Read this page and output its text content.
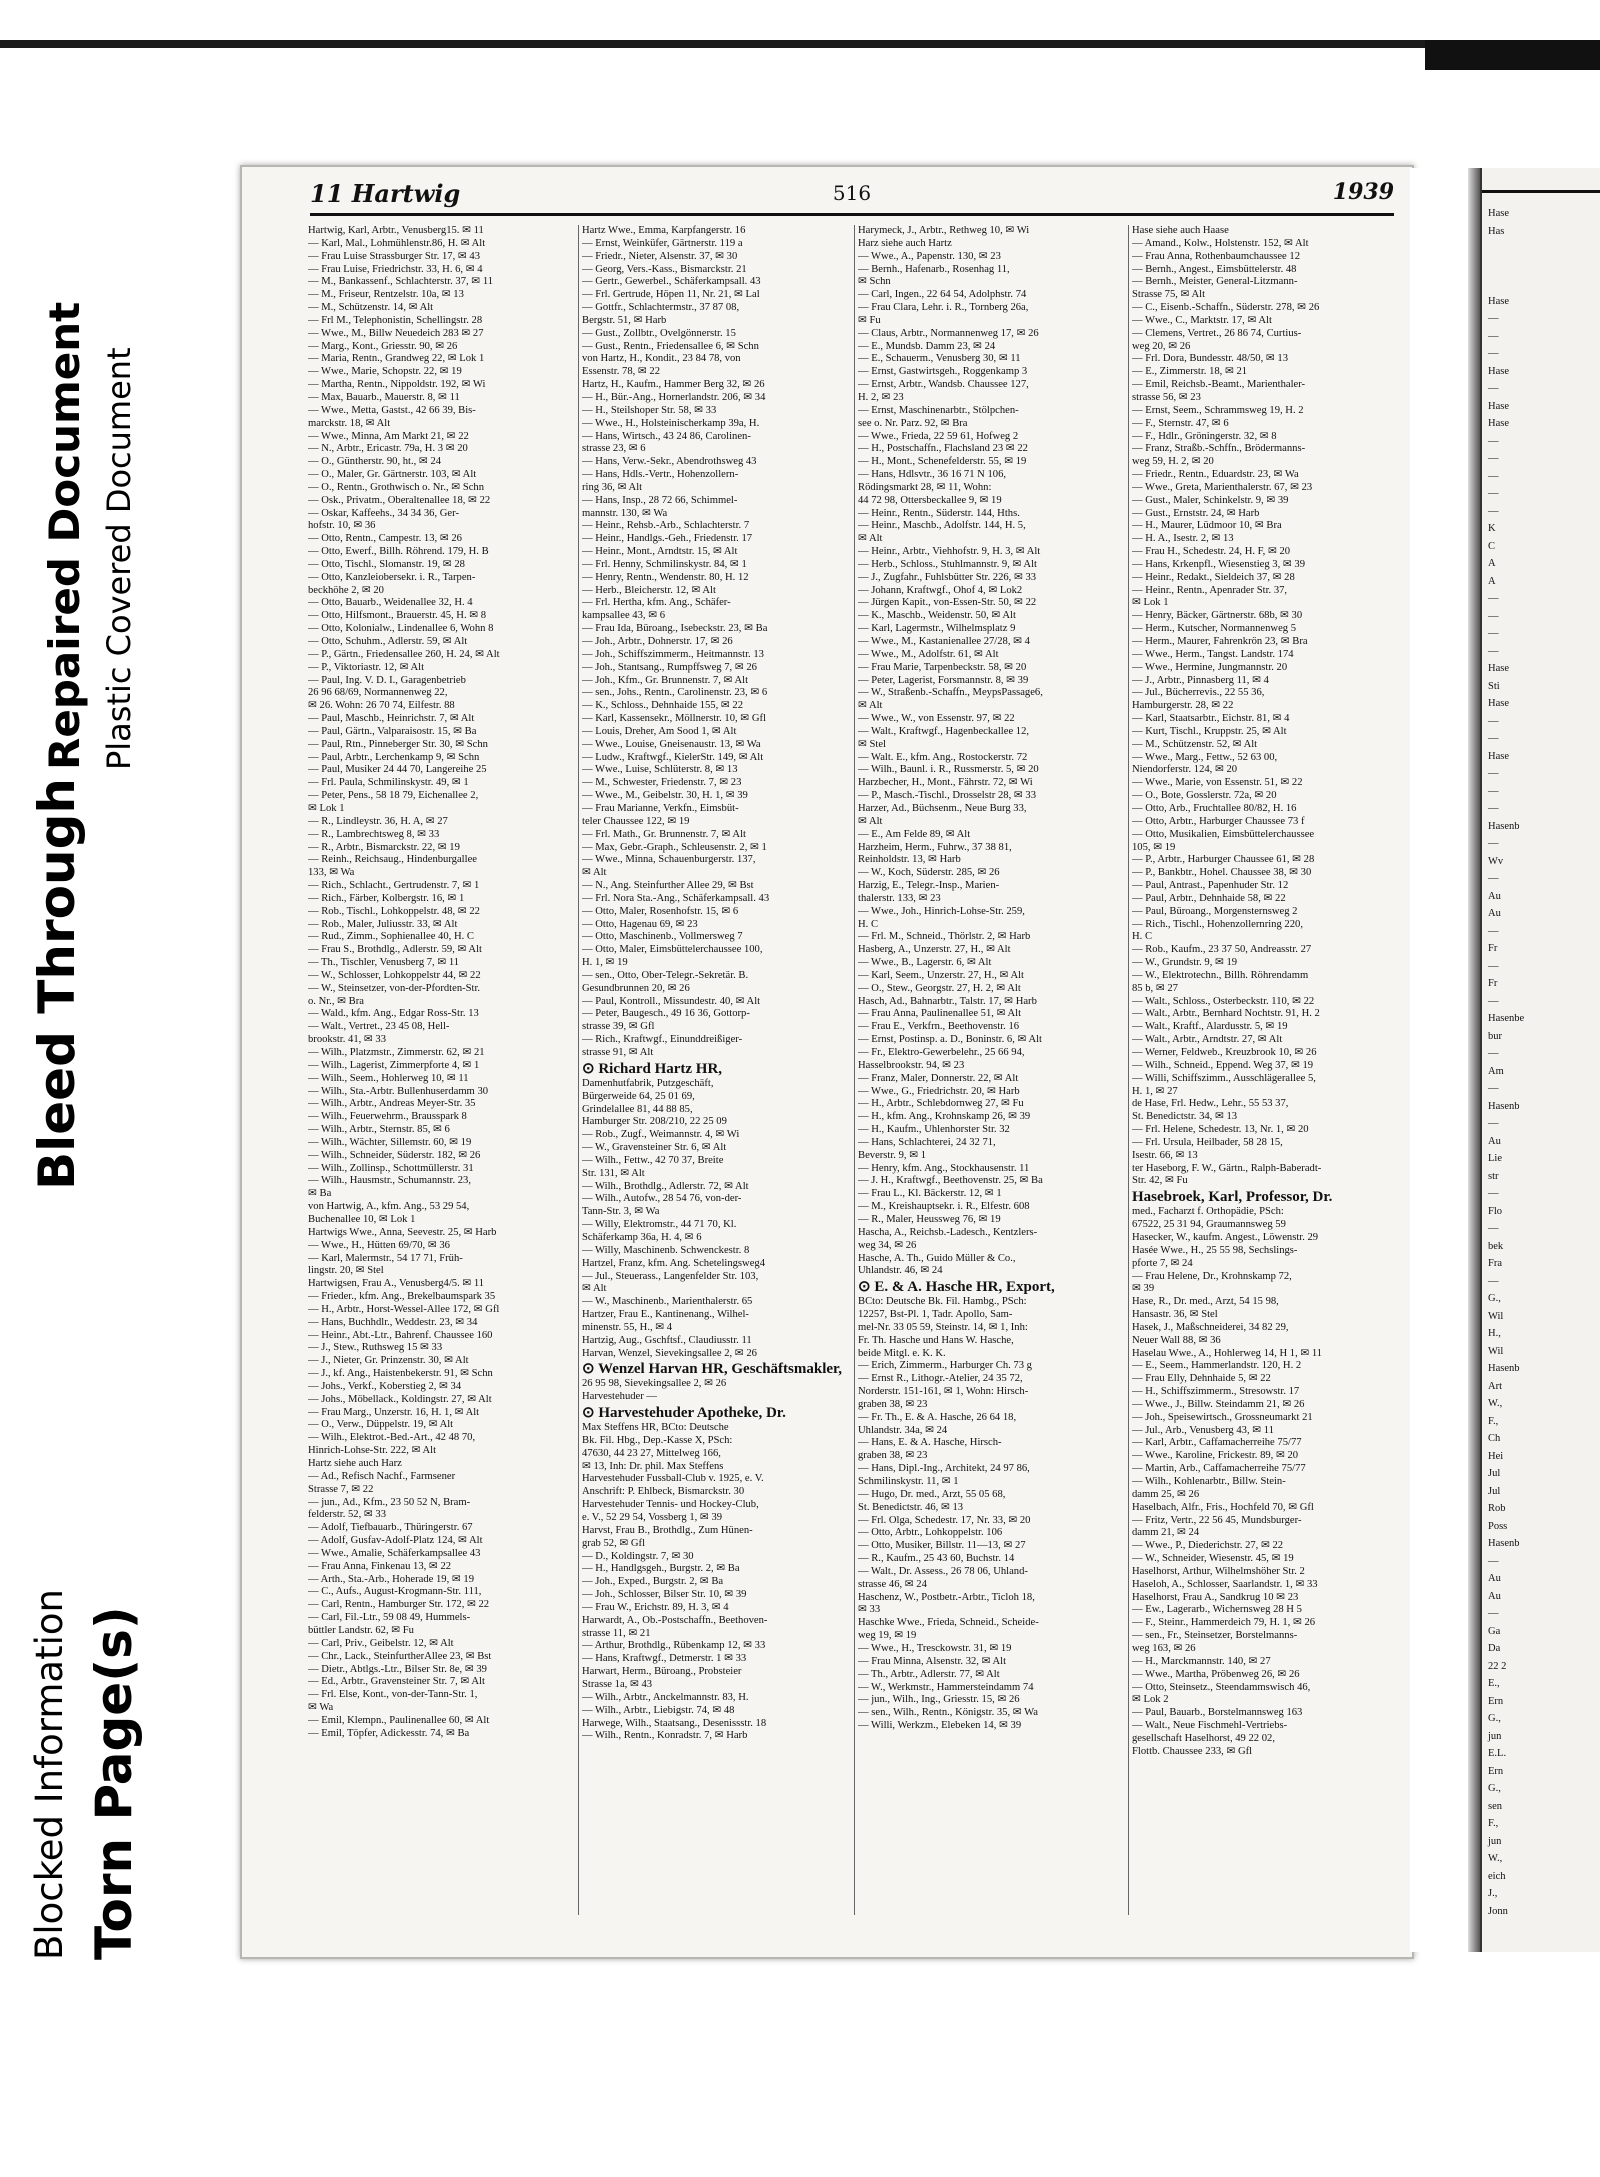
Blocked Information Torn Page(s)
Bleed Through
Repaired Document Plastic Covered Document
11 Hartwig	516	1939
Hartwig, Karl, Arbtr., Venusberg15. ✉ 11
— Karl, Mal., Lohmühlenstr.86, H. ✉ Alt
— Frau Luise Strassburger Str. 17, ✉ 43
— Frau Luise, Friedrichstr. 33, H. 6, ✉ 4
— M., Bankassenf., Schlachterstr. 37, ✉ 11
— M., Friseur, Rentzelstr. 10a, ✉ 13
— M., Schützenstr. 14, ✉ Alt
— Frl M., Telephonistin, Schellingstr. 28
— Wwe., M., Billw Neuedeich 283 ✉ 27
— Marg., Kont., Griesstr. 90, ✉ 26
— Maria, Rentn., Grandweg 22, ✉ Lok 1
— Wwe., Marie, Schopstr. 22, ✉ 19
— Martha, Rentn., Nippoldstr. 192, ✉ Wi
— Max, Bauarb., Mauerstr. 8, ✉ 11
— Wwe., Metta, Gastst., 42 66 39, Bis-
marckstr. 18, ✉ Alt
— Wwe., Minna, Am Markt 21, ✉ 22
— N., Arbtr., Ericastr. 79a, H. 3 ✉ 20
— O., Güntherstr. 90, ht., ✉ 24
— O., Maler, Gr. Gärtnerstr. 103, ✉ Alt
— O., Rentn., Grothwisch o. Nr., ✉ Schn
— Osk., Privatm., Oberaltenallee 18, ✉ 22
— Oskar, Kaffeehs., 34 34 36, Ger-
hofstr. 10, ✉ 36
— Otto, Rentn., Campestr. 13, ✉ 26
— Otto, Ewerf., Billh. Röhrend. 179, H. B
— Otto, Tischl., Slomanstr. 19, ✉ 28
— Otto, Kanzleiobersekr. i. R., Tarpen-
beckhöhe 2, ✉ 20
— Otto, Bauarb., Weidenallee 32, H. 4
— Otto, Hilfsmont., Brauerstr. 45, H. ✉ 8
— Otto, Kolonialw., Lindenallee 6, Wohn 8
— Otto, Schuhm., Adlerstr. 59, ✉ Alt
— P., Gärtn., Friedensallee 260, H. 24, ✉ Alt
— P., Viktoriastr. 12, ✉ Alt
— Paul, Ing. V. D. I., Garagenbetrieb
26 96 68/69, Normannenweg 22,
✉ 26. Wohn: 26 70 74, Eilfestr. 88
— Paul, Maschb., Heinrichstr. 7, ✉ Alt
— Paul, Gärtn., Valparaisostr. 15, ✉ Ba
— Paul, Rtn., Pinneberger Str. 30, ✉ Schn
— Paul, Arbtr., Lerchenkamp 9, ✉ Schn
— Paul, Musiker 24 44 70, Langereihe 25
— Frl. Paula, Schmilinskystr. 49, ✉ 1
— Peter, Pens., 58 18 79, Eichenallee 2,
✉ Lok 1
— R., Lindleystr. 36, H. A, ✉ 27
— R., Lambrechtsweg 8, ✉ 33
— R., Arbtr., Bismarckstr. 22, ✉ 19
— Reinh., Reichsaug., Hindenburgallee
133, ✉ Wa
— Rich., Schlacht., Gertrudenstr. 7, ✉ 1
— Rich., Färber, Kolbergstr. 16, ✉ 1
— Rob., Tischl., Lohkoppelstr. 48, ✉ 22
— Rob., Maler, Juliusstr. 33, ✉ Alt
— Rud., Zimm., Sophienallee 40, H. C
— Frau S., Brothdlg., Adlerstr. 59, ✉ Alt
— Th., Tischler, Venusberg 7, ✉ 11
— W., Schlosser, Lohkoppelstr 44, ✉ 22
— W., Steinsetzer, von-der-Pfordten-Str.
o. Nr., ✉ Bra
— Wald., kfm. Ang., Edgar Ross-Str. 13
— Walt., Vertret., 23 45 08, Hell-
brookstr. 41, ✉ 33
— Wilh., Platzmstr., Zimmerstr. 62, ✉ 21
— Wilh., Lagerist, Zimmerpforte 4, ✉ 1
— Wilh., Seem., Hohlerweg 10, ✉ 11
— Wilh., Sta.-Arbtr. Bullenhuserdamm 30
— Wilh., Arbtr., Andreas Meyer-Str. 35
— Wilh., Feuerwehrm., Brausspark 8
— Wilh., Arbtr., Sternstr. 85, ✉ 6
— Wilh., Wächter, Sillemstr. 60, ✉ 19
— Wilh., Schneider, Süderstr. 182, ✉ 26
— Wilh., Zollinsp., Schottmüllerstr. 31
— Wilh., Hausmstr., Schumannstr. 23,
✉ Ba
von Hartwig, A., kfm. Ang., 53 29 54,
Buchenallee 10, ✉ Lok 1
Hartwigs Wwe., Anna, Seevestr. 25, ✉ Harb
— Wwe., H., Hütten 69/70, ✉ 36
— Karl, Malermstr., 54 17 71, Früh-
lingstr. 20, ✉ Stel
Hartwigsen, Frau A., Venusberg4/5. ✉ 11
— Frieder., kfm. Ang., Brekelbaumspark 35
— H., Arbtr., Horst-Wessel-Allee 172, ✉ Gfl
— Hans, Buchhdlr., Weddestr. 23, ✉ 34
— Heinr., Abt.-Ltr., Bahrenf. Chaussee 160
— J., Stew., Ruthsweg 15 ✉ 33
— J., Nieter, Gr. Prinzenstr. 30, ✉ Alt
— J., kf. Ang., Haistenbekerstr. 91, ✉ Schn
— Johs., Verkf., Koberstieg 2, ✉ 34
— Johs., Möbellack., Koldingstr. 27, ✉ Alt
— Frau Marg., Unzerstr. 16, H. 1, ✉ Alt
— O., Verw., Düppelstr. 19, ✉ Alt
— Wilh., Elektrot.-Bed.-Art., 42 48 70,
Hinrich-Lohse-Str. 222, ✉ Alt
Hartz siehe auch Harz
— Ad., Refisch Nachf., Farmsener
Strasse 7, ✉ 22
— jun., Ad., Kfm., 23 50 52 N, Bram-
felderstr. 52, ✉ 33
— Adolf, Tiefbauarb., Thüringerstr. 67
— Adolf, Gusfav-Adolf-Platz 124, ✉ Alt
— Wwe., Amalie, Schäferkampsallee 43
— Frau Anna, Finkenau 13, ✉ 22
— Arth., Sta.-Arb., Hoherade 19, ✉ 19
— C., Aufs., August-Krogmann-Str. 111,
— Carl, Rentn., Hamburger Str. 172, ✉ 22
— Carl, Fil.-Ltr., 59 08 49, Hummels-
büttler Landstr. 62, ✉ Fu
— Carl, Priv., Geibelstr. 12, ✉ Alt
— Chr., Lack., SteinfurtherAllee 23, ✉ Bst
— Dietr., Abtlgs.-Ltr., Bilser Str. 8e, ✉ 39
— Ed., Arbtr., Gravensteiner Str. 7, ✉ Alt
— Frl. Else, Kont., von-der-Tann-Str. 1,
✉ Wa
— Emil, Klempn., Paulinenallee 60, ✉ Alt
— Emil, Töpfer, Adickesstr. 74, ✉ Ba
Hartz Wwe., Emma, Karpfangerstr. 16
— Ernst, Weinküfer, Gärtnerstr. 119 a
— Friedr., Nieter, Alsenstr. 37, ✉ 30
— Georg, Vers.-Kass., Bismarckstr. 21
— Gertr., Gewerbel., Schäferkampsall. 43
— Frl. Gertrude, Höpen 11, Nr. 21, ✉ Lal
— Gottfr., Schlachtermstr., 37 87 08,
Bergstr. 51, ✉ Harb
— Gust., Zollbtr., Ovelgönnerstr. 15
— Gust., Rentn., Friedensallee 6, ✉ Schn
von Hartz, H., Kondit., 23 84 78, von
Essenstr. 78, ✉ 22
Hartz, H., Kaufm., Hammer Berg 32, ✉ 26
— H., Bür.-Ang., Hornerlandstr. 206, ✉ 34
— H., Steilshoper Str. 58, ✉ 33
— Wwe., H., Holsteinischerkamp 39a, H.
— Hans, Wirtsch., 43 24 86, Carolinen-
strasse 23, ✉ 6
— Hans, Verw.-Sekr., Abendrothsweg 43
— Hans, Hdls.-Vertr., Hohenzollern-
ring 36, ✉ Alt
— Hans, Insp., 28 72 66, Schimmel-
mannstr. 130, ✉ Wa
— Heinr., Rehsb.-Arb., Schlachterstr. 7
— Heinr., Handlgs.-Geh., Friedenstr. 17
— Heinr., Mont., Arndtstr. 15, ✉ Alt
— Frl. Henny, Schmilinskystr. 84, ✉ 1
— Henry, Rentn., Wendenstr. 80, H. 12
— Herb., Bleicherstr. 12, ✉ Alt
— Frl. Hertha, kfm. Ang., Schäfer-
kampsallee 43, ✉ 6
— Frau Ida, Büroang., Isebeckstr. 23, ✉ Ba
— Joh., Arbtr., Dohnerstr. 17, ✉ 26
— Joh., Schiffszimmerm., Heitmannstr. 13
— Joh., Stantsang., Rumpffsweg 7, ✉ 26
— Joh., Kfm., Gr. Brunnenstr. 7, ✉ Alt
— sen., Johs., Rentn., Carolinenstr. 23, ✉ 6
— K., Schloss., Dehnhaide 155, ✉ 22
— Karl, Kassensekr., Möllnerstr. 10, ✉ Gfl
— Louis, Dreher, Am Sood 1, ✉ Alt
— Wwe., Louise, Gneisenaustr. 13, ✉ Wa
— Ludw., Kraftwgf., KielerStr. 149, ✉ Alt
— Wwe., Luise, Schlüterstr. 8, ✉ 13
— M., Schwester, Friedenstr. 7, ✉ 23
— Wwe., M., Geibelstr. 30, H. 1, ✉ 39
— Frau Marianne, Verkfn., Eimsbüt-
teler Chaussee 122, ✉ 19
— Frl. Math., Gr. Brunnenstr. 7, ✉ Alt
— Max, Gebr.-Graph., Schleusenstr. 2, ✉ 1
— Wwe., Minna, Schauenburgerstr. 137,
✉ Alt
— N., Ang. Steinfurther Allee 29, ✉ Bst
— Frl. Nora Sta.-Ang., Schäferkampsall. 43
— Otto, Maler, Rosenhofstr. 15, ✉ 6
— Otto, Hagenau 69, ✉ 23
— Otto, Maschinenb., Vollmersweg 7
— Otto, Maler, Eimsbüttelerchaussee 100,
H. 1, ✉ 19
— sen., Otto, Ober-Telegr.-Sekretär. B.
Gesundbrunnen 20, ✉ 26
— Paul, Kontroll., Missundestr. 40, ✉ Alt
— Peter, Baugesch., 49 16 36, Gottorp-
strasse 39, ✉ Gfl
— Rich., Kraftwgf., Einunddreißiger-
strasse 91, ✉ Alt
⊙ Richard Hartz HR,
Damenhutfabrik, Putzgeschäft,
Bürgerweide 64, 25 01 69,
Grindelallee 81, 44 88 85,
Hamburger Str. 208/210, 22 25 09
— Rob., Zugf., Weimannstr. 4, ✉ Wi
— W., Gravensteiner Str. 6, ✉ Alt
— Wilh., Fettw., 42 70 37, Breite
Str. 131, ✉ Alt
— Wilh., Brothdlg., Adlerstr. 72, ✉ Alt
— Wilh., Autofw., 28 54 76, von-der-
Tann-Str. 3, ✉ Wa
— Willy, Elektromstr., 44 71 70, Kl.
Schäferkamp 36a, H. 4, ✉ 6
— Willy, Maschinenb. Schwenckestr. 8
Hartzel, Franz, kfm. Ang. Schetelingsweg4
— Jul., Steuerass., Langenfelder Str. 103,
✉ Alt
— W., Maschinenb., Marienthalerstr. 65
Hartzer, Frau E., Kantinenang., Wilhel-
minenstr. 55, H., ✉ 4
Hartzig, Aug., Gschftsf., Claudiusstr. 11
Harvan, Wenzel, Sievekingsallee 2, ✉ 26
⊙ Wenzel Harvan HR, Geschäftsmakler,
26 95 98, Sievekingsallee 2, ✉ 26
Harvestehuder —
⊙ Harvestehuder Apotheke, Dr.
Max Steffens HR, BCto: Deutsche
Bk. Fil. Hbg., Dep.-Kasse X, PSch:
47630, 44 23 27, Mittelweg 166,
✉ 13, Inh: Dr. phil. Max Steffens
Harvestehuder Fussball-Club v. 1925, e. V.
Anschrift: P. Ehlbeck, Bismarckstr. 30
Harvestehuder Tennis- und Hockey-Club,
e. V., 52 29 54, Vossberg 1, ✉ 39
Harvst, Frau B., Brothdlg., Zum Hünen-
grab 52, ✉ Gfl
— D., Koldingstr. 7, ✉ 30
— H., Handlgsgeh., Burgstr. 2, ✉ Ba
— Joh., Exped., Burgstr. 2, ✉ Ba
— Joh., Schlosser, Bilser Str. 10, ✉ 39
— Frau W., Erichstr. 89, H. 3, ✉ 4
Harwardt, A., Ob.-Postschaffn., Beethoven-
strasse 11, ✉ 21
— Arthur, Brothdlg., Rübenkamp 12, ✉ 33
— Hans, Kraftwgf., Detmerstr. 1 ✉ 33
Harwart, Herm., Büroang., Probsteier
Strasse 1a, ✉ 43
— Wilh., Arbtr., Anckelmannstr. 83, H.
— Wilh., Arbtr., Liebigstr. 74, ✉ 48
Harwege, Wilh., Staatsang., Desenissstr. 18
— Wilh., Rentn., Konradstr. 7, ✉ Harb
Harymeck, J., Arbtr., Rethweg 10, ✉ Wi
Harz siehe auch Hartz
— Wwe., A., Papenstr. 130, ✉ 23
— Bernh., Hafenarb., Rosenhag 11,
✉ Schn
— Carl, Ingen., 22 64 54, Adolphstr. 74
— Frau Clara, Lehr. i. R., Tornberg 26a,
✉ Fu
— Claus, Arbtr., Normannenweg 17, ✉ 26
— E., Mundsb. Damm 23, ✉ 24
— E., Schauerm., Venusberg 30, ✉ 11
— Ernst, Gastwirtsgeh., Roggenkamp 3
— Ernst, Arbtr., Wandsb. Chaussee 127,
H. 2, ✉ 23
— Ernst, Maschinenarbtr., Stölpchen-
see o. Nr. Parz. 92, ✉ Bra
— Wwe., Frieda, 22 59 61, Hofweg 2
— H., Postschaffn., Flachsland 23 ✉ 22
— H., Mont., Schenefelderstr. 55, ✉ 19
— Hans, Hdlsvtr., 36 16 71 N 106,
Rödingsmarkt 28, ✉ 11, Wohn:
44 72 98, Ottersbeckallee 9, ✉ 19
— Heinr., Rentn., Süderstr. 144, Hths.
— Heinr., Maschb., Adolfstr. 144, H. 5,
✉ Alt
— Heinr., Arbtr., Viehhofstr. 9, H. 3, ✉ Alt
— Herb., Schloss., Stuhlmannstr. 9, ✉ Alt
— J., Zugfahr., Fuhlsbütter Str. 226, ✉ 33
— Johann, Kraftwgf., Ohof 4, ✉ Lok2
— Jürgen Kapit., von-Essen-Str. 50, ✉ 22
— K., Maschb., Weidenstr. 50, ✉ Alt
— Karl, Lagermstr., Wilhelmsplatz 9
— Wwe., M., Kastanienallee 27/28, ✉ 4
— Wwe., M., Adolfstr. 61, ✉ Alt
— Frau Marie, Tarpenbeckstr. 58, ✉ 20
— Peter, Lagerist, Forsmannstr. 8, ✉ 39
— W., Straßenb.-Schaffn., MeypsPassage6,
✉ Alt
— Wwe., W., von Essenstr. 97, ✉ 22
— Walt., Kraftwgf., Hagenbeckallee 12,
✉ Stel
— Walt. E., kfm. Ang., Rostockerstr. 72
— Wilh., Baunl. i. R., Russmerstr. 5, ✉ 20
Harzbecher, H., Mont., Fährstr. 72, ✉ Wi
— P., Masch.-Tischl., Drosselstr 28, ✉ 33
Harzer, Ad., Büchsenm., Neue Burg 33,
✉ Alt
— E., Am Felde 89, ✉ Alt
Harzheim, Herm., Fuhrw., 37 38 81,
Reinholdstr. 13, ✉ Harb
— W., Koch, Süderstr. 285, ✉ 26
Harzig, E., Telegr.-Insp., Marien-
thalerstr. 133, ✉ 23
— Wwe., Joh., Hinrich-Lohse-Str. 259,
H. C
— Frl. M., Schneid., Thörlstr. 2, ✉ Harb
Hasberg, A., Unzerstr. 27, H., ✉ Alt
— Wwe., B., Lagerstr. 6, ✉ Alt
— Karl, Seem., Unzerstr. 27, H., ✉ Alt
— O., Stew., Georgstr. 27, H. 2, ✉ Alt
Hasch, Ad., Bahnarbtr., Talstr. 17, ✉ Harb
— Frau Anna, Paulinenallee 51, ✉ Alt
— Frau E., Verkfrn., Beethovenstr. 16
— Ernst, Postinsp. a. D., Boninstr. 6, ✉ Alt
— Fr., Elektro-Gewerbelehr., 25 66 94,
Hasselbrookstr. 94, ✉ 23
— Franz, Maler, Donnerstr. 22, ✉ Alt
— Wwe., G., Friedrichstr. 20, ✉ Harb
— H., Arbtr., Schlebdornweg 27, ✉ Fu
— H., kfm. Ang., Krohnskamp 26, ✉ 39
— H., Kaufm., Uhlenhorster Str. 32
— Hans, Schlachterei, 24 32 71,
Beverstr. 9, ✉ 1
— Henry, kfm. Ang., Stockhausenstr. 11
— J. H., Kraftwgf., Beethovenstr. 25, ✉ Ba
— Frau L., Kl. Bäckerstr. 12, ✉ 1
— M., Kreishauptsekr. i. R., Elfestr. 608
— R., Maler, Heussweg 76, ✉ 19
Hascha, A., Reichsb.-Ladesch., Kentzlers-
weg 34, ✉ 26
Hasche, A. Th., Guido Müller & Co.,
Uhlandstr. 46, ✉ 24
⊙ E. & A. Hasche HR, Export,
BCto: Deutsche Bk. Fil. Hambg., PSch:
12257, Bst-Pl. 1, Tadr. Apollo, Sam-
mel-Nr. 33 05 59, Steinstr. 14, ✉ 1, Inh:
Fr. Th. Hasche und Hans W. Hasche,
beide Mitgl. e. K. K.
— Erich, Zimmerm., Harburger Ch. 73 g
— Ernst R., Lithogr.-Atelier, 24 35 72,
Norderstr. 151-161, ✉ 1, Wohn: Hirsch-
graben 38, ✉ 23
— Fr. Th., E. & A. Hasche, 26 64 18,
Uhlandstr. 34a, ✉ 24
— Hans, E. & A. Hasche, Hirsch-
graben 38, ✉ 23
— Hans, Dipl.-Ing., Architekt, 24 97 86,
Schmilinskystr. 11, ✉ 1
— Hugo, Dr. med., Arzt, 55 05 68,
St. Benedictstr. 46, ✉ 13
— Frl. Olga, Schedestr. 17, Nr. 33, ✉ 20
— Otto, Arbtr., Lohkoppelstr. 106
— Otto, Musiker, Billstr. 11—13, ✉ 27
— R., Kaufm., 25 43 60, Buchstr. 14
— Walt., Dr. Assess., 26 78 06, Uhland-
strasse 46, ✉ 24
Haschenz, W., Postbetr.-Arbtr., Ticloh 18,
✉ 33
Haschke Wwe., Frieda, Schneid., Scheide-
weg 19, ✉ 19
— Wwe., H., Tresckowstr. 31, ✉ 19
— Frau Minna, Alsenstr. 32, ✉ Alt
— Th., Arbtr., Adlerstr. 77, ✉ Alt
— W., Werkmstr., Hammersteindamm 74
— jun., Wilh., Ing., Griesstr. 15, ✉ 26
— sen., Wilh., Rentn., Königstr. 35, ✉ Wa
— Willi, Werkzm., Elebeken 14, ✉ 39
Hase siehe auch Haase
— Amand., Kolw., Holstenstr. 152, ✉ Alt
— Frau Anna, Rothenbaumchaussee 12
— Bernh., Angest., Eimsbüttelerstr. 48
— Bernh., Meister, General-Litzmann-
Strasse 75, ✉ Alt
— C., Eisenb.-Schaffn., Süderstr. 278, ✉ 26
— Wwe., C., Marktstr. 17, ✉ Alt
— Clemens, Vertret., 26 86 74, Curtius-
weg 20, ✉ 26
— Frl. Dora, Bundesstr. 48/50, ✉ 13
— E., Zimmerstr. 18, ✉ 21
— Emil, Reichsb.-Beamt., Marienthaler-
strasse 56, ✉ 23
— Ernst, Seem., Schrammsweg 19, H. 2
— F., Sternstr. 47, ✉ 6
— F., Hdlr., Gröningerstr. 32, ✉ 8
— Franz, Straßb.-Schffn., Brödermanns-
weg 59, H. 2, ✉ 20
— Friedr., Rentn., Eduardstr. 23, ✉ Wa
— Wwe., Greta, Marienthalerstr. 67, ✉ 23
— Gust., Maler, Schinkelstr. 9, ✉ 39
— Gust., Ernststr. 24, ✉ Harb
— H., Maurer, Lüdmoor 10, ✉ Bra
— H. A., Isestr. 2, ✉ 13
— Frau H., Schedestr. 24, H. F, ✉ 20
— Hans, Krkenpfl., Wiesenstieg 3, ✉ 39
— Heinr., Redakt., Sieldeich 37, ✉ 28
— Heinr., Rentn., Apenrader Str. 37,
✉ Lok 1
— Henry, Bäcker, Gärtnerstr. 68b, ✉ 30
— Herm., Kutscher, Normannenweg 5
— Herm., Maurer, Fahrenkrön 23, ✉ Bra
— Wwe., Herm., Tangst. Landstr. 174
— Wwe., Hermine, Jungmannstr. 20
— J., Arbtr., Pinnasberg 11, ✉ 4
— Jul., Bücherrevis., 22 55 36,
Hamburgerstr. 28, ✉ 22
— Karl, Staatsarbtr., Eichstr. 81, ✉ 4
— Kurt, Tischl., Kruppstr. 25, ✉ Alt
— M., Schützenstr. 52, ✉ Alt
— Wwe., Marg., Fettw., 52 63 00,
Niendorferstr. 124, ✉ 20
— Wwe., Marie, von Essenstr. 51, ✉ 22
— O., Bote, Gosslerstr. 72a, ✉ 20
— Otto, Arb., Fruchtallee 80/82, H. 16
— Otto, Arbtr., Harburger Chaussee 73 f
— Otto, Musikalien, Eimsbüttelerchaussee
105, ✉ 19
— P., Arbtr., Harburger Chaussee 61, ✉ 28
— P., Bankbtr., Hohel. Chaussee 38, ✉ 30
— Paul, Antrast., Papenhuder Str. 12
— Paul, Arbtr., Dehnhaide 58, ✉ 22
— Paul, Büroang., Morgensternsweg 2
— Rich., Tischl., Hohenzollernring 220,
H. C
— Rob., Kaufm., 23 37 50, Andreasstr. 27
— W., Grundstr. 9, ✉ 19
— W., Elektrotechn., Billh. Röhrendamm
85 b, ✉ 27
— Walt., Schloss., Osterbeckstr. 110, ✉ 22
— Walt., Arbtr., Bernhard Nochtstr. 91, H. 2
— Walt., Kraftf., Alardusstr. 5, ✉ 19
— Walt., Arbtr., Arndtstr. 27, ✉ Alt
— Werner, Feldweb., Kreuzbrook 10, ✉ 26
— Wilh., Schneid., Eppend. Weg 37, ✉ 19
— Willi, Schiffszimm., Ausschlägerallee 5,
H. 1, ✉ 27
de Hase, Frl. Hedw., Lehr., 55 53 37,
St. Benedictstr. 34, ✉ 13
— Frl. Helene, Schedestr. 13, Nr. 1, ✉ 20
— Frl. Ursula, Heilbader, 58 28 15,
Isestr. 66, ✉ 13
ter Haseborg, F. W., Gärtn., Ralph-Baberadt-
Str. 42, ✉ Fu
Hasebroek, Karl, Professor, Dr.
med., Facharzt f. Orthopädie, PSch:
67522, 25 31 94, Graumannsweg 59
Hasecker, W., kaufm. Angest., Löwenstr. 29
Hasée Wwe., H., 25 55 98, Sechslings-
pforte 7, ✉ 24
— Frau Helene, Dr., Krohnskamp 72,
✉ 39
Hase, R., Dr. med., Arzt, 54 15 98,
Hansastr. 36, ✉ Stel
Hasek, J., Maßschneiderei, 34 82 29,
Neuer Wall 88, ✉ 36
Haselau Wwe., A., Hohlerweg 14, H 1, ✉ 11
— E., Seem., Hammerlandstr. 120, H. 2
— Frau Elly, Dehnhaide 5, ✉ 22
— H., Schiffszimmerm., Stresowstr. 17
— Wwe., J., Billw. Steindamm 21, ✉ 26
— Joh., Speisewirtsch., Grossneumarkt 21
— Jul., Arb., Venusberg 43, ✉ 11
— Karl, Arbtr., Caffamacherreihe 75/77
— Wwe., Karoline, Frickestr. 89, ✉ 20
— Martin, Arb., Caffamacherreihe 75/77
— Wilh., Kohlenarbtr., Billw. Stein-
damm 25, ✉ 26
Haselbach, Alfr., Fris., Hochfeld 70, ✉ Gfl
— Fritz, Vertr., 22 56 45, Mundsburger-
damm 21, ✉ 24
— Wwe., P., Diederichstr. 27, ✉ 22
— W., Schneider, Wiesenstr. 45, ✉ 19
Haselhorst, Arthur, Wilhelmshöher Str. 2
Haseloh, A., Schlosser, Saarlandstr. 1, ✉ 33
Haselhorst, Frau A., Sandkrug 10 ✉ 23
— Ew., Lagerarb., Wichernsweg 28 H 5
— F., Steinr., Hammerdeich 79, H. 1, ✉ 26
— sen., Fr., Steinsetzer, Borstelmanns-
weg 163, ✉ 26
— H., Marckmannstr. 140, ✉ 27
— Wwe., Martha, Pröbenweg 26, ✉ 26
— Otto, Steinsetz., Steendammswisch 46,
✉ Lok 2
— Paul, Bauarb., Borstelmannsweg 163
— Walt., Neue Fischmehl-Vertriebs-
gesellschaft Haselhorst, 49 22 02,
Flottb. Chaussee 233, ✉ Gfl
Hase
Has
Hase
—
—
—
Hase
—
Hase
Hase
—
—
—
—
—
K
C
A
A
—
—
—
—
Hase
Sti
Hase
—
—
Hase
—
—
—
Hasenb
—
Wv
—
Au
Au
—
Fr
—
Fr
—
Hasenbe
bur
—
Am
—
Hasenb
—
Au
Lie
str
—
Flo
—
bek
Fra
—
G.,
Wil
H.,
Wil
Hasenb
Art
W.,
F.,
Ch
Hei
Jul
Jul
Rob
Poss
Hasenb
—
Au
Au
—
Ga
Da
22 2
E.,
Ern
G.,
jun
E.L.
Ern
G.,
sen
F.,
jun
W.,
eich
J.,
Jonn
